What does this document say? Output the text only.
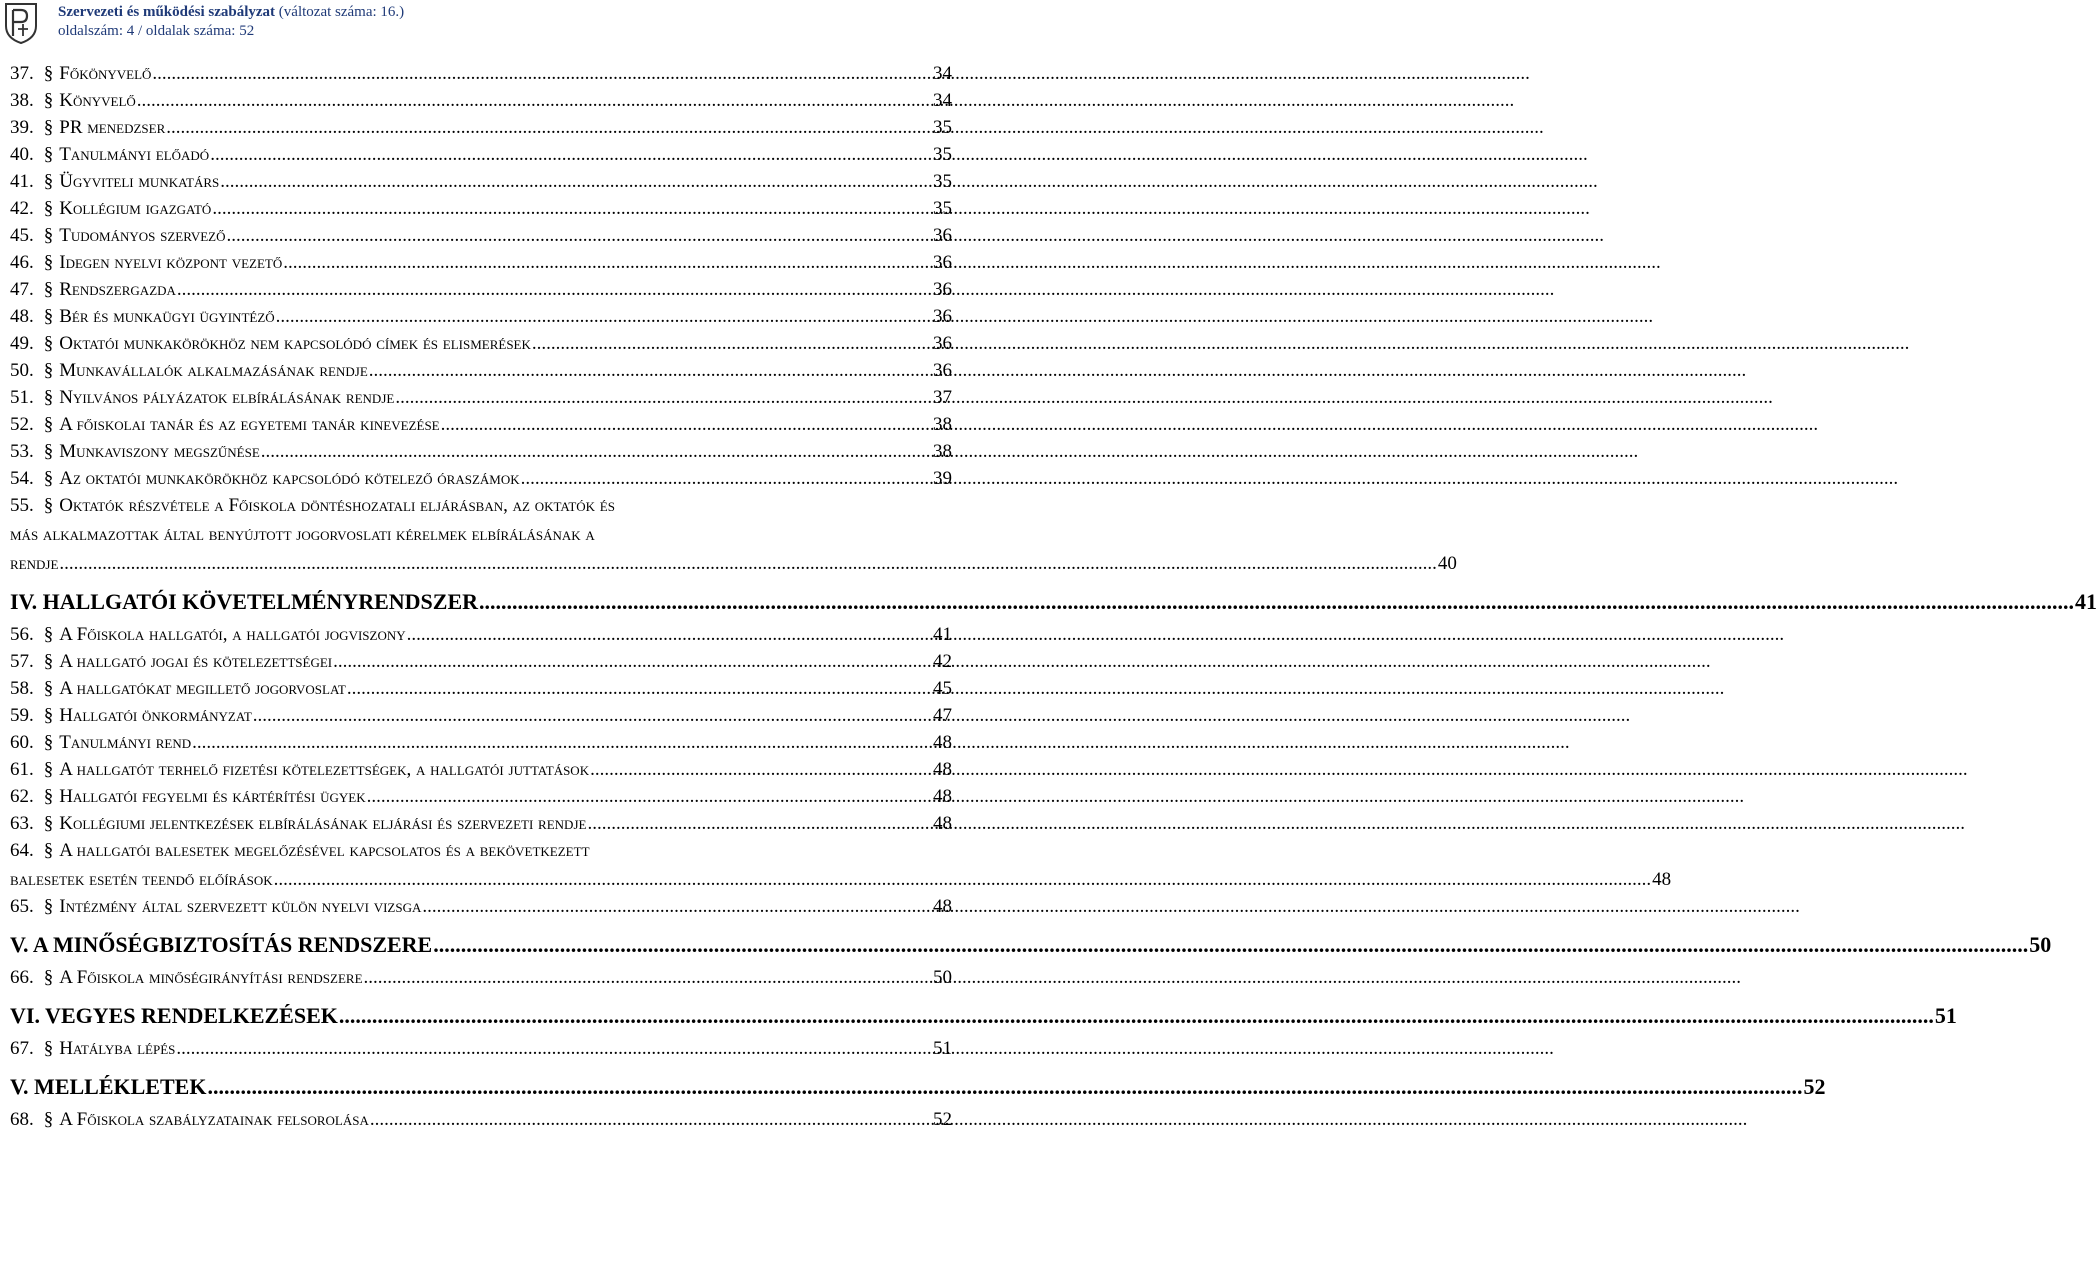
Szervezeti és működési szabályzat (változat száma: 16.)
oldalszám: 4 / oldalak száma: 52
37. § Főkönyvelő .....	34
38. § Könyvelő .....	34
39. § PR menedzser .....	35
40. § Tanulmányi előadó .....	35
41. § Ügyviteli munkatárs .....	35
42. § Kollégium igazgató .....	35
45. § Tudományos szervező .....	36
46. § Idegen nyelvi központ vezető .....	36
47. § Rendszergazda .....	36
48. § Bér és munkaügyi ügyintéző .....	36
49. § Oktatói munkakörökhöz nem kapcsolódó címek és elismerések .....	36
50. § Munkavállalók alkalmazásának rendje .....	36
51. § Nyilvános pályázatok elbírálásának rendje .....	37
52. § A főiskolai tanár és az egyetemi tanár kinevezése .....	38
53. § Munkaviszony megszűnése .....	38
54. § Az oktatói munkakörökhöz kapcsolódó kötelező óraszámok .....	39
55. § Oktatók részvétele a Főiskola döntéshozatali eljárásban, az oktatók és
más alkalmazottak által benyújtott jogorvoslati kérelmek elbírálásának a
rendje .....	40
IV. HALLGATÓI KÖVETELMÉNYRENDSZER .....	41
56. § A Főiskola hallgatói, a hallgatói jogviszony .....	41
57. § A hallgató jogai és kötelezettségei .....	42
58. § A hallgatókat megillető jogorvoslat .....	45
59. § Hallgatói önkormányzat .....	47
60. § Tanulmányi rend .....	48
61. § A hallgatót terhelő fizetési kötelezettségek, a hallgatói juttatások .....	48
62. § Hallgatói fegyelmi és kártérítési ügyek .....	48
63. § Kollégiumi jelentkezések elbírálásának eljárási és szervezeti rendje .....	48
64. § A hallgatói balesetek megelőzésével kapcsolatos és a bekövetkezett
balesetek esetén teendő előírások .....	48
65. § Intézmény által szervezett külön nyelvi vizsga .....	48
V. A MINŐSÉGBIZTOSÍTÁS RENDSZERE .....	50
66. § A Főiskola minőségirányítási rendszere .....	50
VI. VEGYES RENDELKEZÉSEK .....	51
67. § Hatályba lépés .....	51
V. MELLÉKLETEK .....	52
68. § A Főiskola szabályzatainak felsorolása .....	52
